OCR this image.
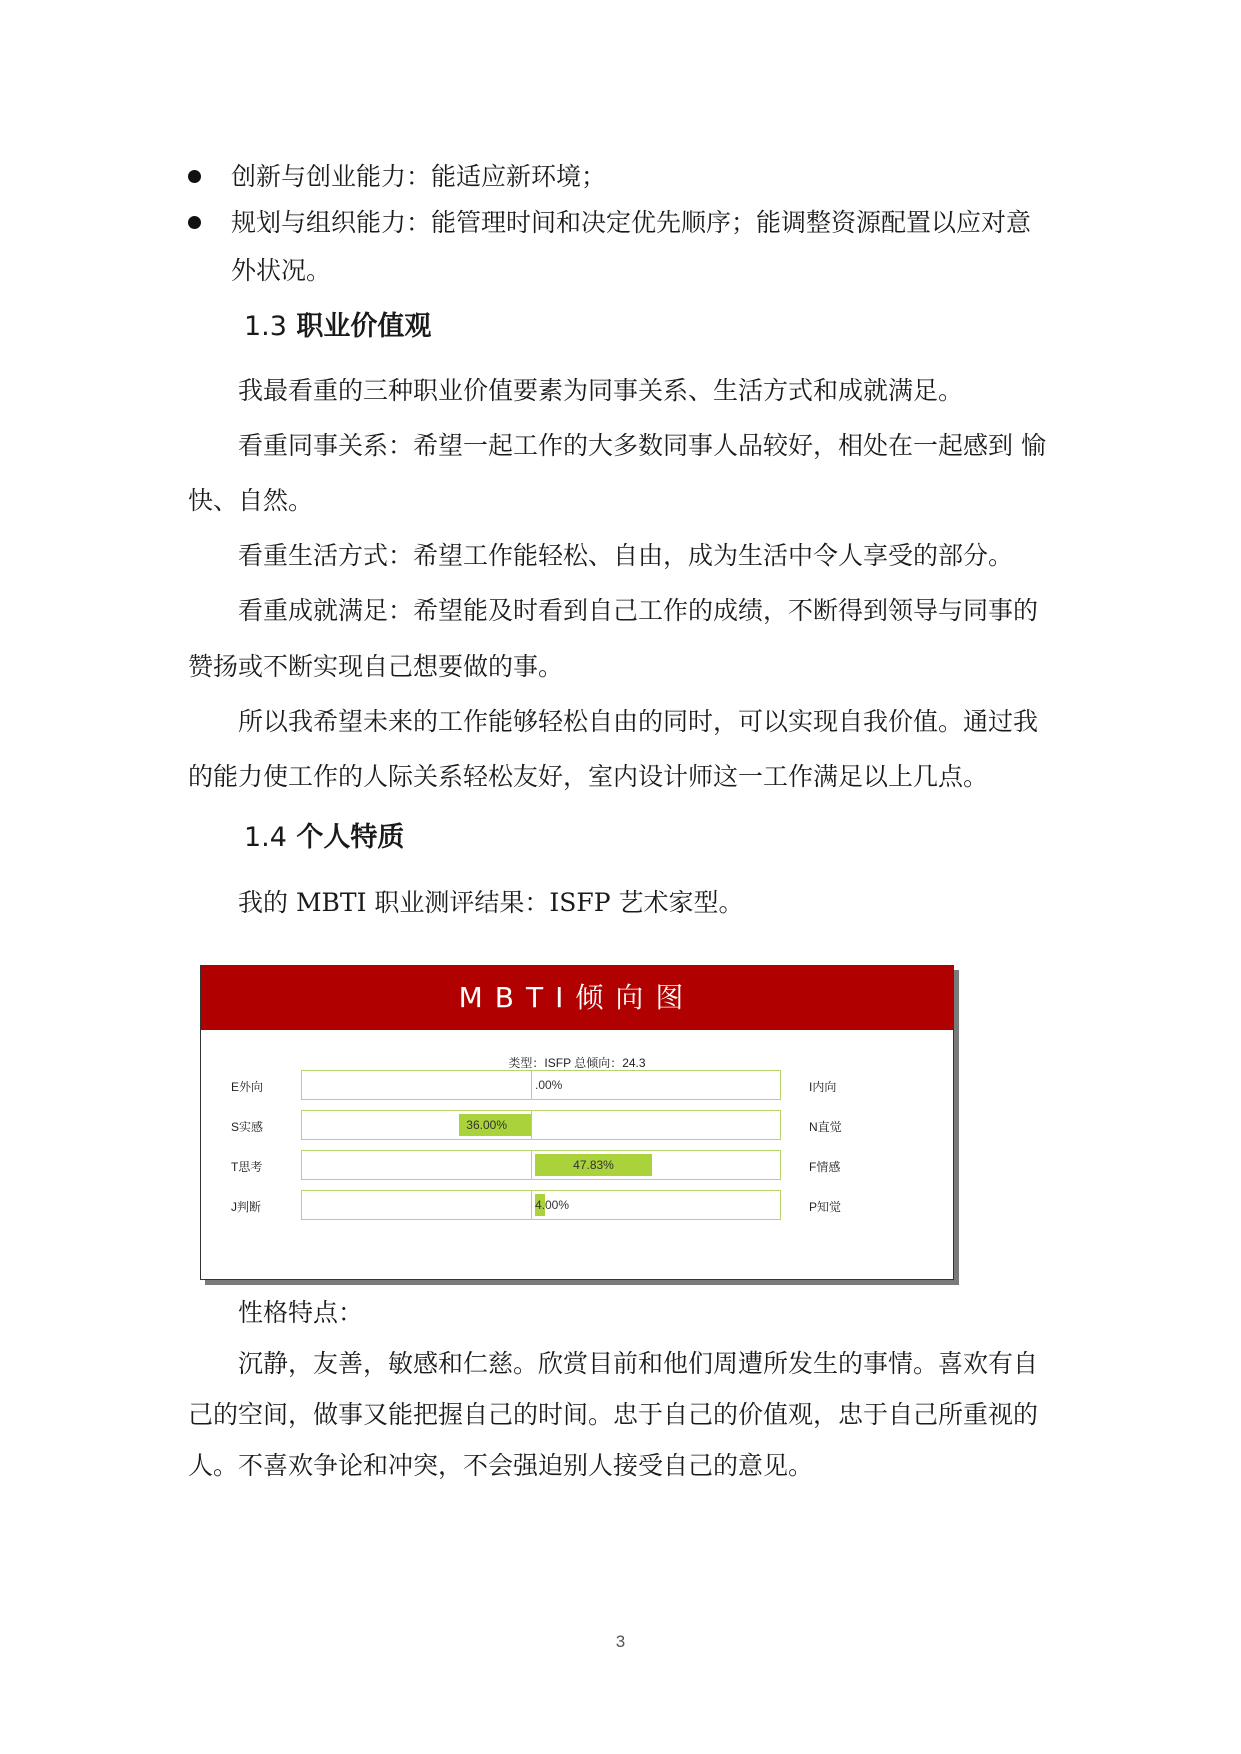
创新与创业能力：能适应新环境；
规划与组织能力：能管理时间和决定优先顺序；能调整资源配置以应对意
外状况。
1.3 职业价值观
我最看重的三种职业价值要素为同事关系、生活方式和成就满足。
看重同事关系：希望一起工作的大多数同事人品较好，相处在一起感到 愉
快、自然。
看重生活方式：希望工作能轻松、自由，成为生活中令人享受的部分。
看重成就满足：希望能及时看到自己工作的成绩，不断得到领导与同事的
赞扬或不断实现自己想要做的事。
所以我希望未来的工作能够轻松自由的同时，可以实现自我价值。通过我
的能力使工作的人际关系轻松友好，室内设计师这一工作满足以上几点。
1.4 个人特质
我的 MBTI 职业测评结果：ISFP 艺术家型。
MBTI倾向图
类型：ISFP 总倾向：24.3
E外向	I内向
.00%
S实感	N直觉
36.00%
T思考	F情感
47.83%
J判断	P知觉
4.00%
性格特点：
沉静，友善，敏感和仁慈。欣赏目前和他们周遭所发生的事情。喜欢有自
己的空间，做事又能把握自己的时间。忠于自己的价值观，忠于自己所重视的
人。不喜欢争论和冲突，不会强迫别人接受自己的意见。
3
